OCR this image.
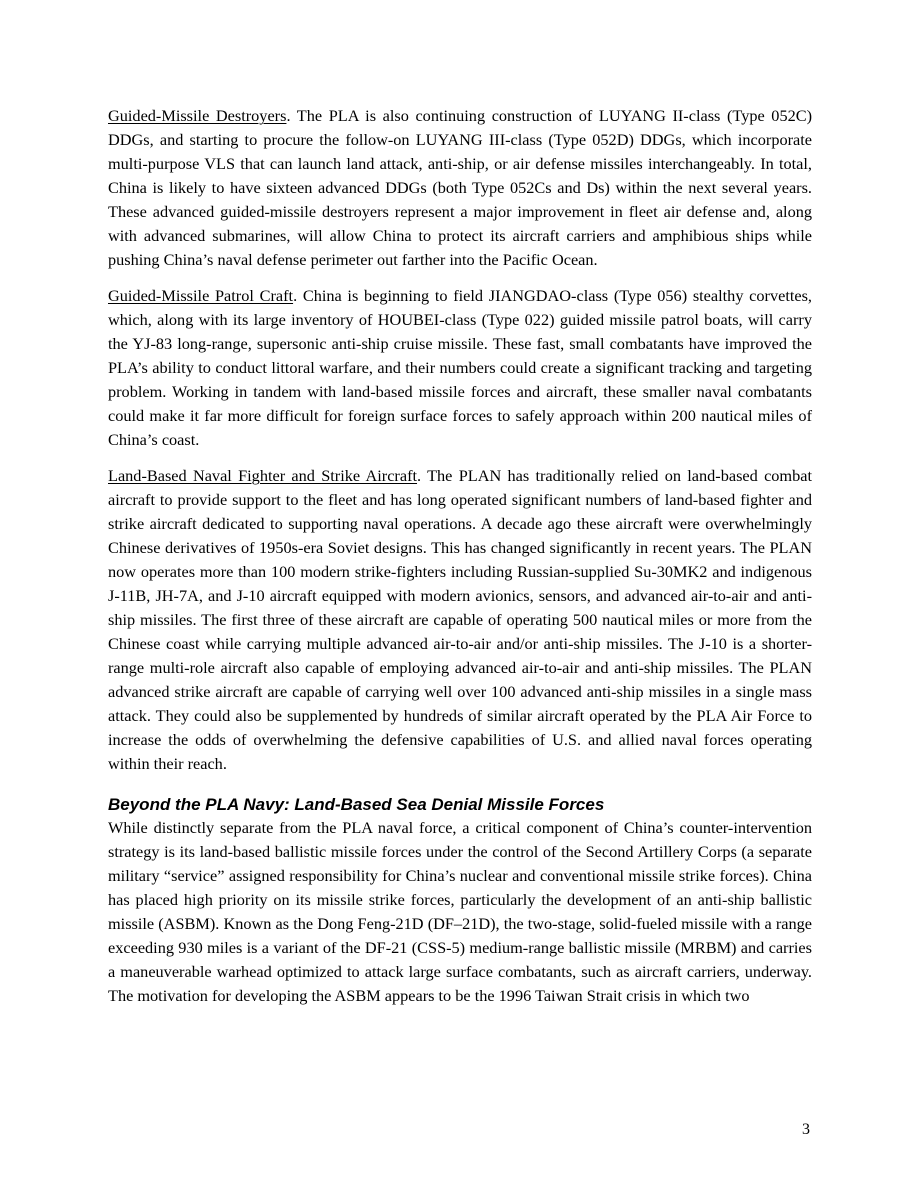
Guided-Missile Destroyers. The PLA is also continuing construction of LUYANG II-class (Type 052C) DDGs, and starting to procure the follow-on LUYANG III-class (Type 052D) DDGs, which incorporate multi-purpose VLS that can launch land attack, anti-ship, or air defense missiles interchangeably. In total, China is likely to have sixteen advanced DDGs (both Type 052Cs and Ds) within the next several years. These advanced guided-missile destroyers represent a major improvement in fleet air defense and, along with advanced submarines, will allow China to protect its aircraft carriers and amphibious ships while pushing China’s naval defense perimeter out farther into the Pacific Ocean.

Guided-Missile Patrol Craft. China is beginning to field JIANGDAO-class (Type 056) stealthy corvettes, which, along with its large inventory of HOUBEI-class (Type 022) guided missile patrol boats, will carry the YJ-83 long-range, supersonic anti-ship cruise missile. These fast, small combatants have improved the PLA’s ability to conduct littoral warfare, and their numbers could create a significant tracking and targeting problem. Working in tandem with land-based missile forces and aircraft, these smaller naval combatants could make it far more difficult for foreign surface forces to safely approach within 200 nautical miles of China’s coast.

Land-Based Naval Fighter and Strike Aircraft. The PLAN has traditionally relied on land-based combat aircraft to provide support to the fleet and has long operated significant numbers of land-based fighter and strike aircraft dedicated to supporting naval operations. A decade ago these aircraft were overwhelmingly Chinese derivatives of 1950s-era Soviet designs. This has changed significantly in recent years. The PLAN now operates more than 100 modern strike-fighters including Russian-supplied Su-30MK2 and indigenous J-11B, JH-7A, and J-10 aircraft equipped with modern avionics, sensors, and advanced air-to-air and anti-ship missiles. The first three of these aircraft are capable of operating 500 nautical miles or more from the Chinese coast while carrying multiple advanced air-to-air and/or anti-ship missiles. The J-10 is a shorter-range multi-role aircraft also capable of employing advanced air-to-air and anti-ship missiles. The PLAN advanced strike aircraft are capable of carrying well over 100 advanced anti-ship missiles in a single mass attack. They could also be supplemented by hundreds of similar aircraft operated by the PLA Air Force to increase the odds of overwhelming the defensive capabilities of U.S. and allied naval forces operating within their reach.

Beyond the PLA Navy: Land-Based Sea Denial Missile Forces

While distinctly separate from the PLA naval force, a critical component of China’s counter-intervention strategy is its land-based ballistic missile forces under the control of the Second Artillery Corps (a separate military “service” assigned responsibility for China’s nuclear and conventional missile strike forces). China has placed high priority on its missile strike forces, particularly the development of an anti-ship ballistic missile (ASBM). Known as the Dong Feng-21D (DF–21D), the two-stage, solid-fueled missile with a range exceeding 930 miles is a variant of the DF-21 (CSS-5) medium-range ballistic missile (MRBM) and carries a maneuverable warhead optimized to attack large surface combatants, such as aircraft carriers, underway. The motivation for developing the ASBM appears to be the 1996 Taiwan Strait crisis in which two

3
